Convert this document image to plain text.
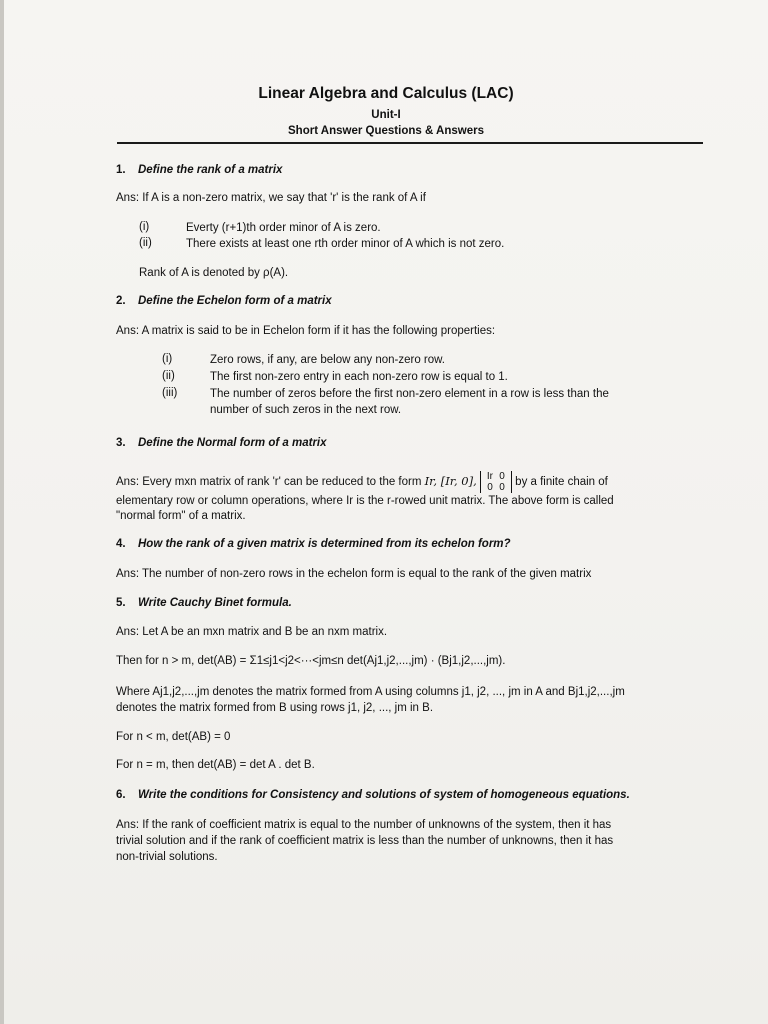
Linear Algebra and Calculus (LAC)
Unit-I
Short Answer Questions & Answers
1. Define the rank of a matrix
Ans: If A is a non-zero matrix, we say that 'r' is the rank of A if
(i)	Everty (r+1)th order minor of A is zero.
(ii)	There exists at least one rth order minor of A which is not zero.
Rank of A is denoted by ρ(A).
2. Define the Echelon form of a matrix
Ans: A matrix is said to be in Echelon form if it has the following properties:
(i)	Zero rows, if any, are below any non-zero row.
(ii)	The first non-zero entry in each non-zero row is equal to 1.
(iii)	The number of zeros before the first non-zero element in a row is less than the
number of such zeros in the next row.
3. Define the Normal form of a matrix
Ans: Every mxn matrix of rank 'r' can be reduced to the form Ir, [Ir, 0], Ir 0
0 0 by a finite chain of
elementary row or column operations, where Ir is the r-rowed unit matrix. The above form is called
"normal form" of a matrix.
4. How the rank of a given matrix is determined from its echelon form?
Ans: The number of non-zero rows in the echelon form is equal to the rank of the given matrix
5. Write Cauchy Binet formula.
Ans: Let A be an mxn matrix and B be an nxm matrix.
Then for n > m, det(AB) = Σ1≤j1<j2<···<jm≤n det(Aj1,j2,...,jm) · (Bj1,j2,...,jm).
Where Aj1,j2,...,jm denotes the matrix formed from A using columns j1, j2, ..., jm in A and Bj1,j2,...,jm
denotes the matrix formed from B using rows j1, j2, ..., jm in B.
For n < m, det(AB) = 0
For n = m, then det(AB) = det A . det B.
6. Write the conditions for Consistency and solutions of system of homogeneous equations.
Ans: If the rank of coefficient matrix is equal to the number of unknowns of the system, then it has
trivial solution and if the rank of coefficient matrix is less than the number of unknowns, then it has
non-trivial solutions.
